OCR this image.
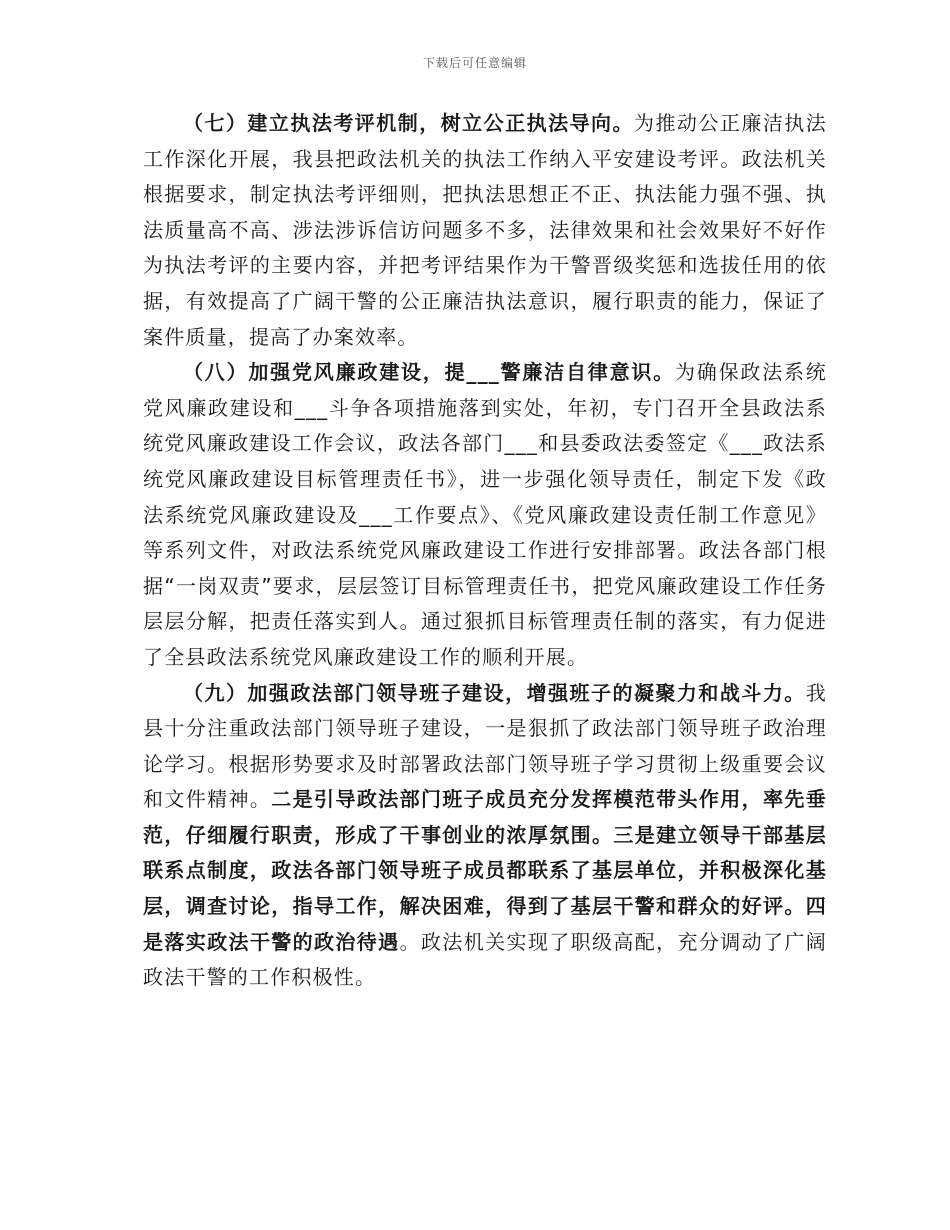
下载后可任意编辑

（七）建立执法考评机制，树立公正执法导向。为推动公正廉洁执法工作深化开展，我县把政法机关的执法工作纳入平安建设考评。政法机关根据要求，制定执法考评细则，把执法思想正不正、执法能力强不强、执法质量高不高、涉法涉诉信访问题多不多，法律效果和社会效果好不好作为执法考评的主要内容，并把考评结果作为干警晋级奖惩和选拔任用的依据，有效提高了广阔干警的公正廉洁执法意识，履行职责的能力，保证了案件质量，提高了办案效率。

（八）加强党风廉政建设，提___警廉洁自律意识。为确保政法系统党风廉政建设和___斗争各项措施落到实处，年初，专门召开全县政法系统党风廉政建设工作会议，政法各部门___和县委政法委签定《___政法系统党风廉政建设目标管理责任书》，进一步强化领导责任，制定下发《政法系统党风廉政建设及___工作要点》、《党风廉政建设责任制工作意见》等系列文件，对政法系统党风廉政建设工作进行安排部署。政法各部门根据“一岗双责”要求，层层签订目标管理责任书，把党风廉政建设工作任务层层分解，把责任落实到人。通过狠抓目标管理责任制的落实，有力促进了全县政法系统党风廉政建设工作的顺利开展。

（九）加强政法部门领导班子建设，增强班子的凝聚力和战斗力。我县十分注重政法部门领导班子建设，一是狠抓了政法部门领导班子政治理论学习。根据形势要求及时部署政法部门领导班子学习贯彻上级重要会议和文件精神。二是引导政法部门班子成员充分发挥模范带头作用，率先垂范，仔细履行职责，形成了干事创业的浓厚氛围。三是建立领导干部基层联系点制度，政法各部门领导班子成员都联系了基层单位，并积极深化基层，调查讨论，指导工作，解决困难，得到了基层干警和群众的好评。四是落实政法干警的政治待遇。政法机关实现了职级高配，充分调动了广阔政法干警的工作积极性。
